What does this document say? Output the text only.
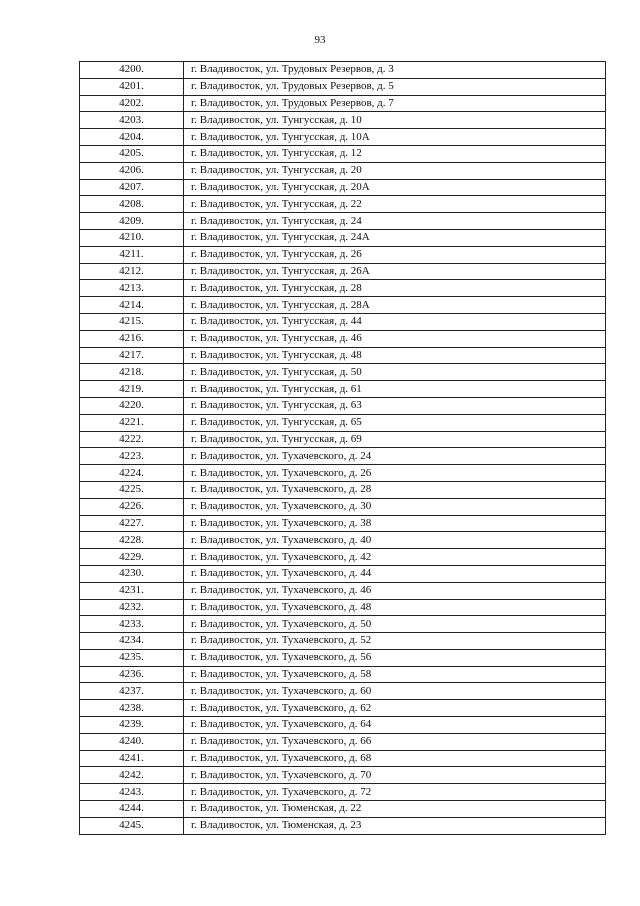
93
4200.	г. Владивосток, ул. Трудовых Резервов, д. 3
4201.	г. Владивосток, ул. Трудовых Резервов, д. 5
4202.	г. Владивосток, ул. Трудовых Резервов, д. 7
4203.	г. Владивосток, ул. Тунгусская, д. 10
4204.	г. Владивосток, ул. Тунгусская, д. 10А
4205.	г. Владивосток, ул. Тунгусская, д. 12
4206.	г. Владивосток, ул. Тунгусская, д. 20
4207.	г. Владивосток, ул. Тунгусская, д. 20А
4208.	г. Владивосток, ул. Тунгусская, д. 22
4209.	г. Владивосток, ул. Тунгусская, д. 24
4210.	г. Владивосток, ул. Тунгусская, д. 24А
4211.	г. Владивосток, ул. Тунгусская, д. 26
4212.	г. Владивосток, ул. Тунгусская, д. 26А
4213.	г. Владивосток, ул. Тунгусская, д. 28
4214.	г. Владивосток, ул. Тунгусская, д. 28А
4215.	г. Владивосток, ул. Тунгусская, д. 44
4216.	г. Владивосток, ул. Тунгусская, д. 46
4217.	г. Владивосток, ул. Тунгусская, д. 48
4218.	г. Владивосток, ул. Тунгусская, д. 50
4219.	г. Владивосток, ул. Тунгусская, д. 61
4220.	г. Владивосток, ул. Тунгусская, д. 63
4221.	г. Владивосток, ул. Тунгусская, д. 65
4222.	г. Владивосток, ул. Тунгусская, д. 69
4223.	г. Владивосток, ул. Тухачевского, д. 24
4224.	г. Владивосток, ул. Тухачевского, д. 26
4225.	г. Владивосток, ул. Тухачевского, д. 28
4226.	г. Владивосток, ул. Тухачевского, д. 30
4227.	г. Владивосток, ул. Тухачевского, д. 38
4228.	г. Владивосток, ул. Тухачевского, д. 40
4229.	г. Владивосток, ул. Тухачевского, д. 42
4230.	г. Владивосток, ул. Тухачевского, д. 44
4231.	г. Владивосток, ул. Тухачевского, д. 46
4232.	г. Владивосток, ул. Тухачевского, д. 48
4233.	г. Владивосток, ул. Тухачевского, д. 50
4234.	г. Владивосток, ул. Тухачевского, д. 52
4235.	г. Владивосток, ул. Тухачевского, д. 56
4236.	г. Владивосток, ул. Тухачевского, д. 58
4237.	г. Владивосток, ул. Тухачевского, д. 60
4238.	г. Владивосток, ул. Тухачевского, д. 62
4239.	г. Владивосток, ул. Тухачевского, д. 64
4240.	г. Владивосток, ул. Тухачевского, д. 66
4241.	г. Владивосток, ул. Тухачевского, д. 68
4242.	г. Владивосток, ул. Тухачевского, д. 70
4243.	г. Владивосток, ул. Тухачевского, д. 72
4244.	г. Владивосток, ул. Тюменская, д. 22
4245.	г. Владивосток, ул. Тюменская, д. 23
